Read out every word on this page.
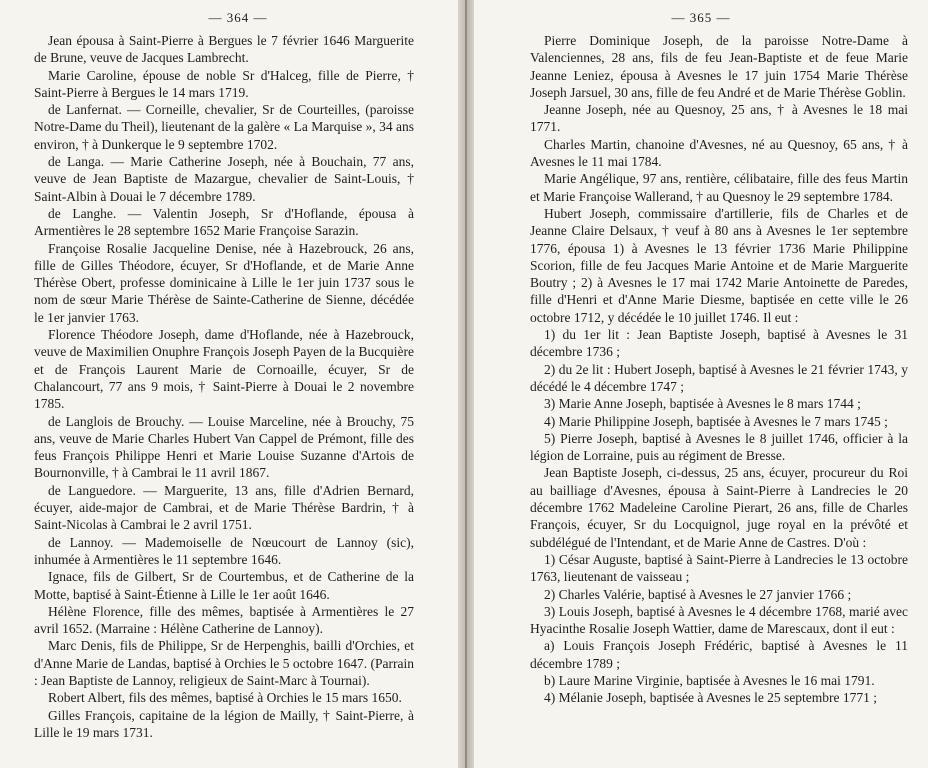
— 364 —

Jean épousa à Saint-Pierre à Bergues le 7 février 1646 Marguerite de Brune, veuve de Jacques Lambrecht.

Marie Caroline, épouse de noble Sr d'Halceg, fille de Pierre, † Saint-Pierre à Bergues le 14 mars 1719.

de Lanfernat. — Corneille, chevalier, Sr de Courteilles, (paroisse Notre-Dame du Theil), lieutenant de la galère « La Marquise », 34 ans environ, † à Dunkerque le 9 septembre 1702.

de Langa. — Marie Catherine Joseph, née à Bouchain, 77 ans, veuve de Jean Baptiste de Mazargue, chevalier de Saint-Louis, † Saint-Albin à Douai le 7 décembre 1789.

de Langhe. — Valentin Joseph, Sr d'Hoflande, épousa à Armentières le 28 septembre 1652 Marie Françoise Sarazin.

Françoise Rosalie Jacqueline Denise, née à Hazebrouck, 26 ans, fille de Gilles Théodore, écuyer, Sr d'Hoflande, et de Marie Anne Thérèse Obert, professe dominicaine à Lille le 1er juin 1737 sous le nom de sœur Marie Thérèse de Sainte-Catherine de Sienne, décédée le 1er janvier 1763.

Florence Théodore Joseph, dame d'Hoflande, née à Hazebrouck, veuve de Maximilien Onuphre François Joseph Payen de la Bucquière et de François Laurent Marie de Cornoaille, écuyer, Sr de Chalancourt, 77 ans 9 mois, † Saint-Pierre à Douai le 2 novembre 1785.

de Langlois de Brouchy. — Louise Marceline, née à Brouchy, 75 ans, veuve de Marie Charles Hubert Van Cappel de Prémont, fille des feus François Philippe Henri et Marie Louise Suzanne d'Artois de Bournonville, † à Cambrai le 11 avril 1867.

de Languedore. — Marguerite, 13 ans, fille d'Adrien Bernard, écuyer, aide-major de Cambrai, et de Marie Thérèse Bardrin, † à Saint-Nicolas à Cambrai le 2 avril 1751.

de Lannoy. — Mademoiselle de Nœucourt de Lannoy (sic), inhumée à Armentières le 11 septembre 1646.

Ignace, fils de Gilbert, Sr de Courtembus, et de Catherine de la Motte, baptisé à Saint-Étienne à Lille le 1er août 1646.

Hélène Florence, fille des mêmes, baptisée à Armentières le 27 avril 1652. (Marraine : Hélène Catherine de Lannoy).

Marc Denis, fils de Philippe, Sr de Herpenghis, bailli d'Orchies, et d'Anne Marie de Landas, baptisé à Orchies le 5 octobre 1647. (Parrain : Jean Baptiste de Lannoy, religieux de Saint-Marc à Tournai).

Robert Albert, fils des mêmes, baptisé à Orchies le 15 mars 1650.

Gilles François, capitaine de la légion de Mailly, † Saint-Pierre, à Lille le 19 mars 1731.

— 365 —

Pierre Dominique Joseph, de la paroisse Notre-Dame à Valenciennes, 28 ans, fils de feu Jean-Baptiste et de feue Marie Jeanne Leniez, épousa à Avesnes le 17 juin 1754 Marie Thérèse Joseph Jarsuel, 30 ans, fille de feu André et de Marie Thérèse Goblin.

Jeanne Joseph, née au Quesnoy, 25 ans, † à Avesnes le 18 mai 1771.

Charles Martin, chanoine d'Avesnes, né au Quesnoy, 65 ans, † à Avesnes le 11 mai 1784.

Marie Angélique, 97 ans, rentière, célibataire, fille des feus Martin et Marie Françoise Wallerand, † au Quesnoy le 29 septembre 1784.

Hubert Joseph, commissaire d'artillerie, fils de Charles et de Jeanne Claire Delsaux, † veuf à 80 ans à Avesnes le 1er septembre 1776, épousa 1) à Avesnes le 13 février 1736 Marie Philippine Scorion, fille de feu Jacques Marie Antoine et de Marie Marguerite Boutry ; 2) à Avesnes le 17 mai 1742 Marie Antoinette de Paredes, fille d'Henri et d'Anne Marie Diesme, baptisée en cette ville le 26 octobre 1712, y décédée le 10 juillet 1746. Il eut :

1) du 1er lit : Jean Baptiste Joseph, baptisé à Avesnes le 31 décembre 1736 ;

2) du 2e lit : Hubert Joseph, baptisé à Avesnes le 21 février 1743, y décédé le 4 décembre 1747 ;

3) Marie Anne Joseph, baptisée à Avesnes le 8 mars 1744 ;

4) Marie Philippine Joseph, baptisée à Avesnes le 7 mars 1745 ;

5) Pierre Joseph, baptisé à Avesnes le 8 juillet 1746, officier à la légion de Lorraine, puis au régiment de Bresse.

Jean Baptiste Joseph, ci-dessus, 25 ans, écuyer, procureur du Roi au bailliage d'Avesnes, épousa à Saint-Pierre à Landrecies le 20 décembre 1762 Madeleine Caroline Pierart, 26 ans, fille de Charles François, écuyer, Sr du Locquignol, juge royal en la prévôté et subdélégué de l'Intendant, et de Marie Anne de Castres. D'où :

1) César Auguste, baptisé à Saint-Pierre à Landrecies le 13 octobre 1763, lieutenant de vaisseau ;

2) Charles Valérie, baptisé à Avesnes le 27 janvier 1766 ;

3) Louis Joseph, baptisé à Avesnes le 4 décembre 1768, marié avec Hyacinthe Rosalie Joseph Wattier, dame de Marescaux, dont il eut :

a) Louis François Joseph Frédéric, baptisé à Avesnes le 11 décembre 1789 ;

b) Laure Marine Virginie, baptisée à Avesnes le 16 mai 1791.

4) Mélanie Joseph, baptisée à Avesnes le 25 septembre 1771 ;
